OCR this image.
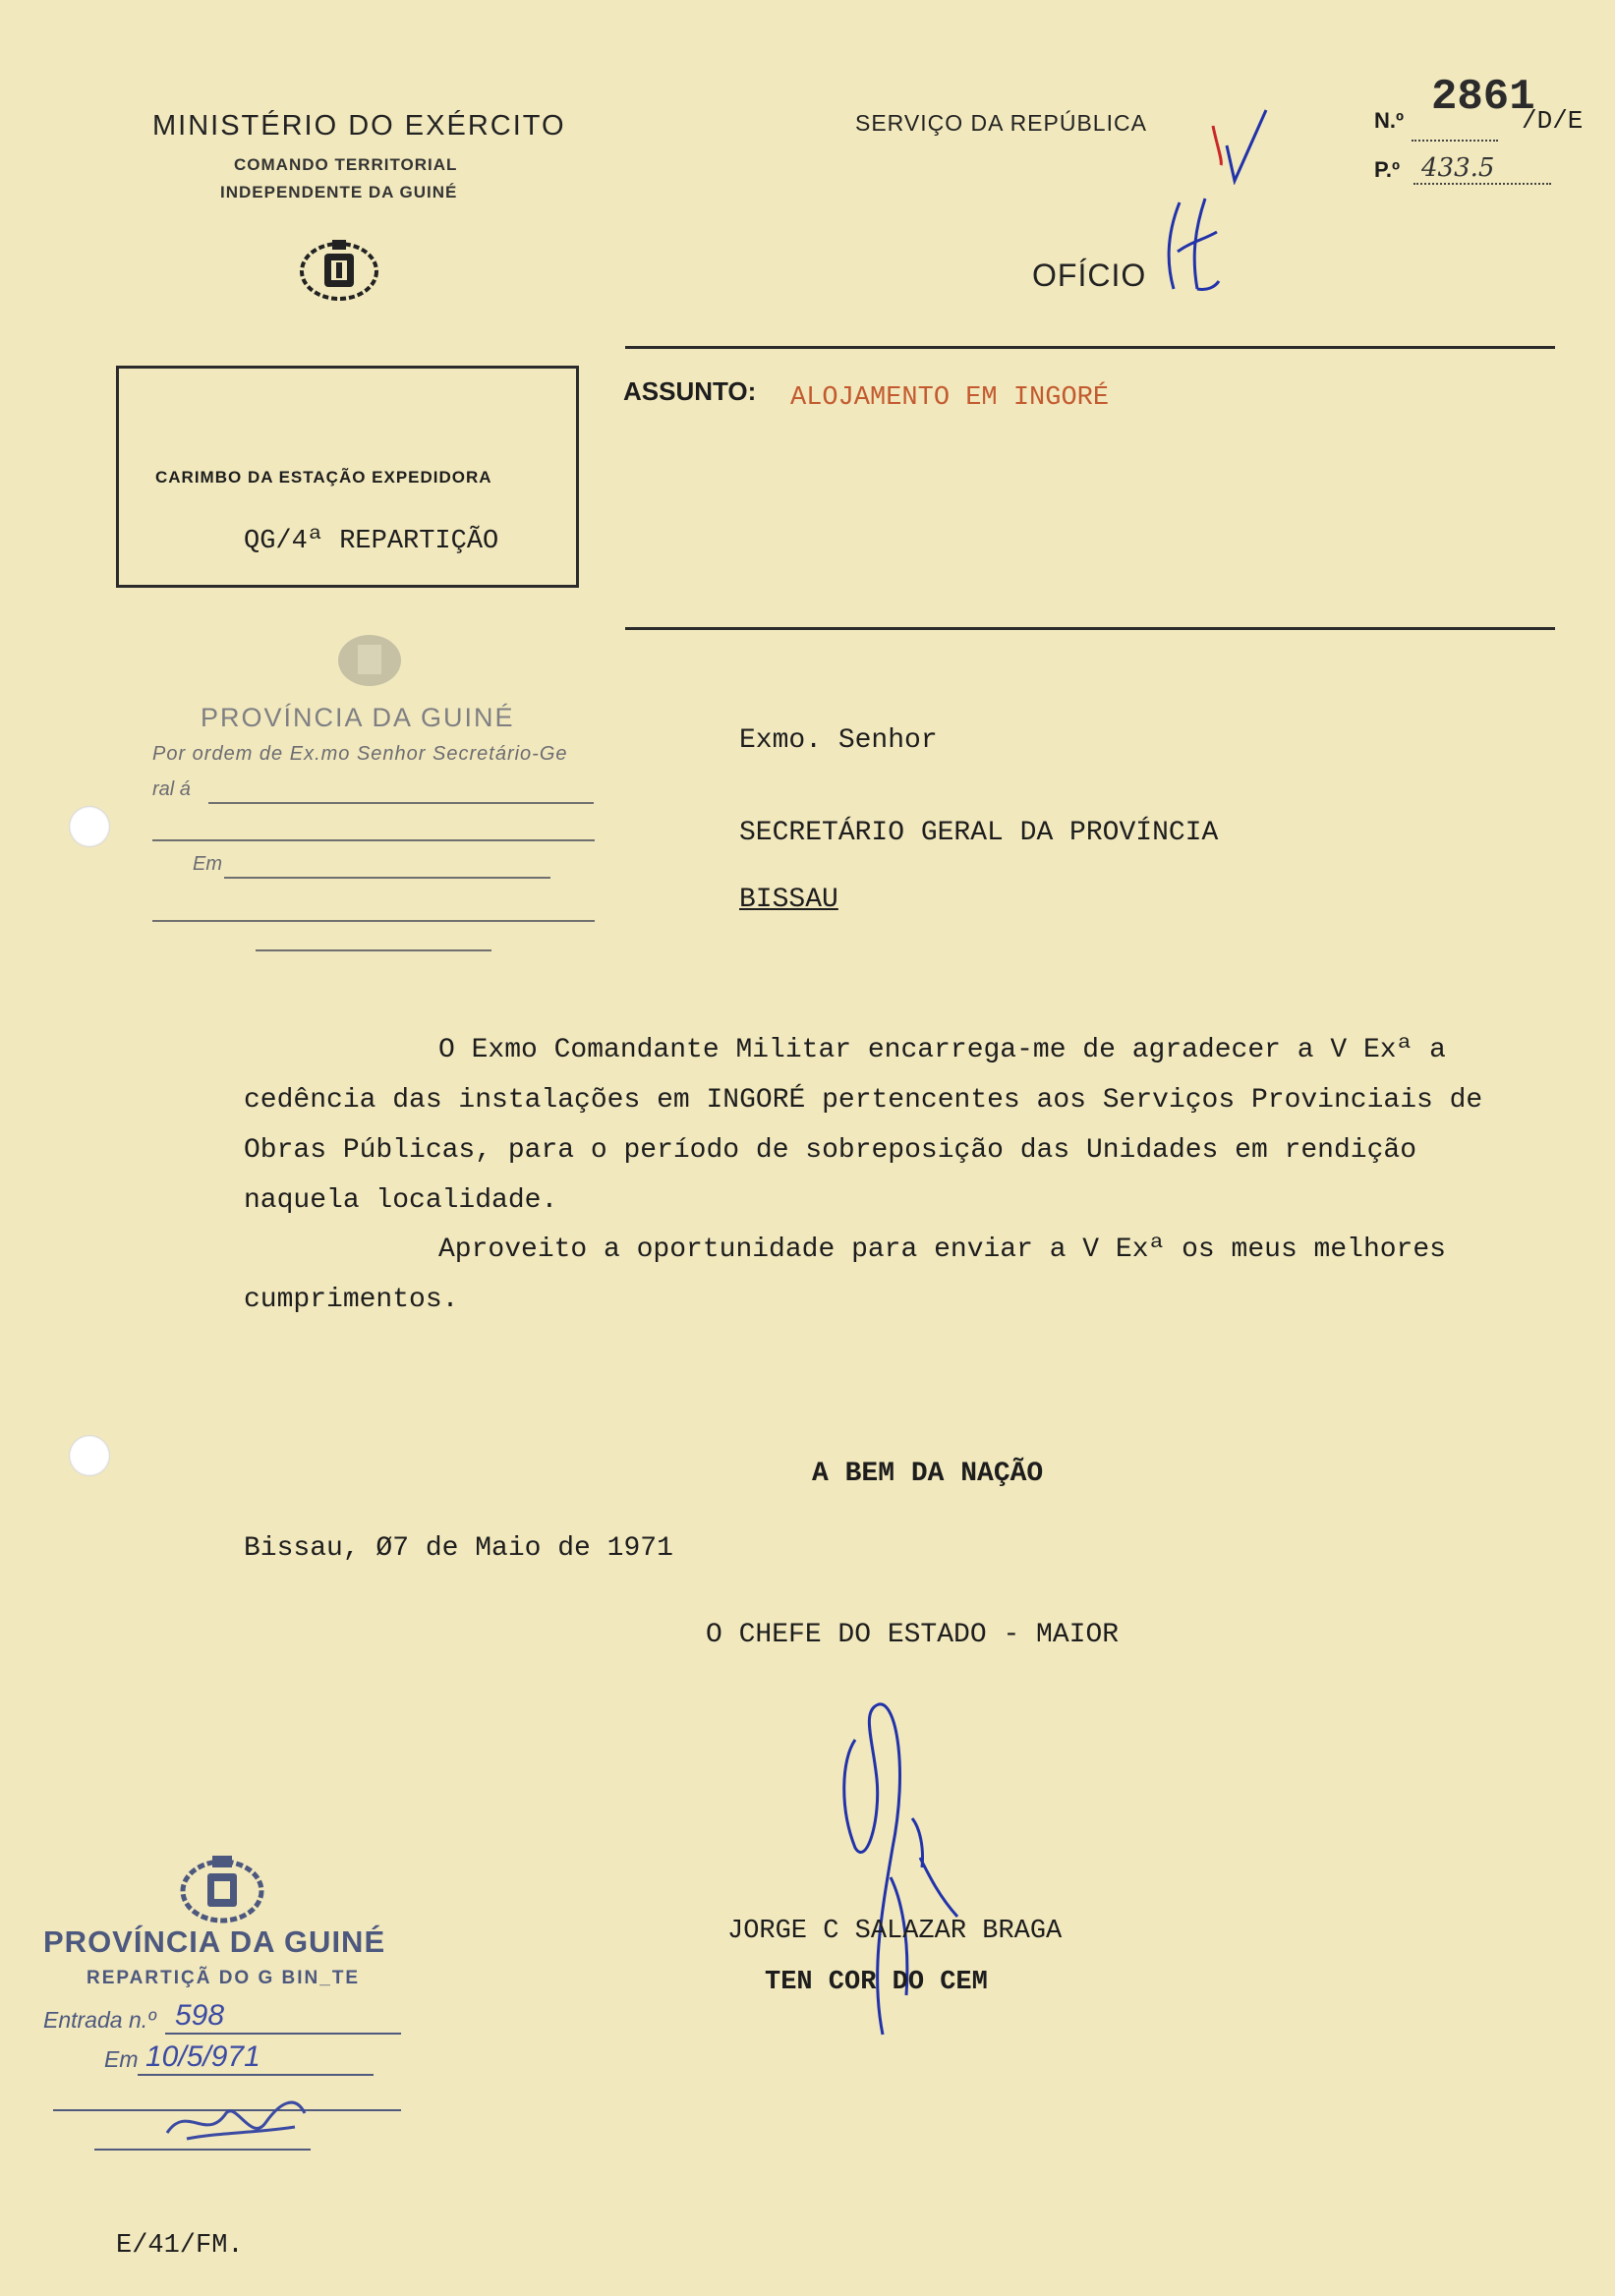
MINISTÉRIO DO EXÉRCITO
COMANDO TERRITORIAL
INDEPENDENTE DA GUINÉ
SERVIÇO DA REPÚBLICA
OFÍCIO
N.º 2861
/D/E
P.º 433.5
ASSUNTO: ALOJAMENTO EM INGORÉ
CARIMBO DA ESTAÇÃO EXPEDIDORA
QG/4ª REPARTIÇÃO
PROVÍNCIA DA GUINÉ
Por ordem de Ex.mo Senhor Secretário-Ge
ral á
Em
Exmo. Senhor
SECRETÁRIO GERAL DA PROVÍNCIA
BISSAU
O Exmo Comandante Militar encarrega-me de agradecer a V Exª a cedência das instalações em INGORÉ pertencentes aos Serviços Provinciais de Obras Públicas, para o período de sobreposição das Unidades em rendição naquela localidade.
Aproveito a oportunidade para enviar a V Exª os meus melhores cumprimentos.
A BEM DA NAÇÃO
Bissau, Ø7 de Maio de 1971
O CHEFE DO ESTADO - MAIOR
JORGE C SALAZAR BRAGA
TEN COR DO CEM
PROVÍNCIA DA GUINÉ
REPARTIÇÃ DO G BIN_TE
Entrada n.º 598
Em 10/5/971
E/41/FM.
